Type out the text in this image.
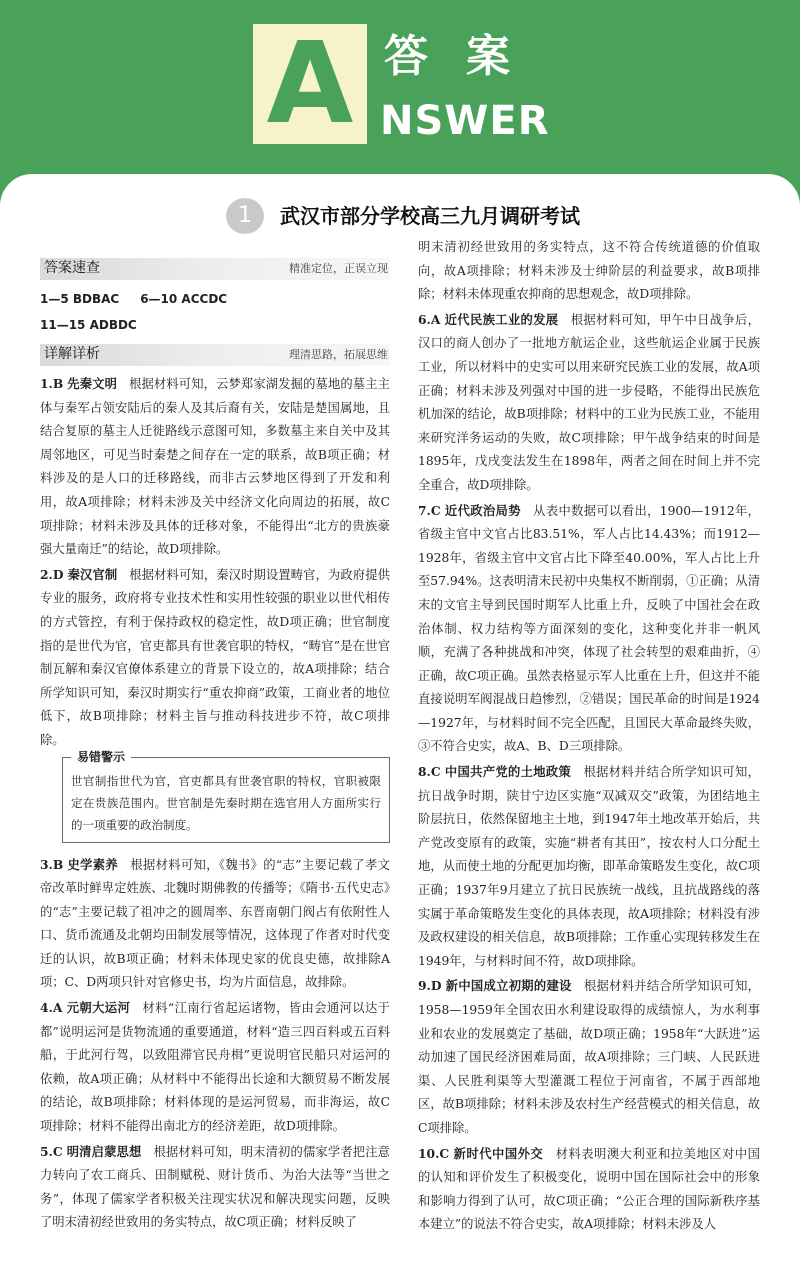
A 答案
NSWER
1	武汉市部分学校高三九月调研考试
答案速查	精准定位，正误立现
1—5 BDBAC 6—10 ACCDC
11—15 ADBDC
详解详析	理清思路，拓展思维
1.B 先秦文明 根据材料可知，云梦郑家湖发掘的墓地的墓主主体与秦军占领安陆后的秦人及其后裔有关，安陆是楚国属地，且结合复原的墓主人迁徙路线示意图可知，多数墓主来自关中及其周邻地区，可见当时秦楚之间存在一定的联系，故B项正确；材料涉及的是人口的迁移路线，而非古云梦地区得到了开发和利用，故A项排除；材料未涉及关中经济文化向周边的拓展，故C项排除；材料未涉及具体的迁移对象，不能得出“北方的贵族豪强大量南迁”的结论，故D项排除。
2.D 秦汉官制 根据材料可知，秦汉时期设置畴官，为政府提供专业的服务，政府将专业技术性和实用性较强的职业以世代相传的方式管控，有利于保持政权的稳定性，故D项正确；世官制度指的是世代为官，官吏都具有世袭官职的特权，“畴官”是在世官制瓦解和秦汉官僚体系建立的背景下设立的，故A项排除；结合所学知识可知，秦汉时期实行“重农抑商”政策，工商业者的地位低下，故B项排除；材料主旨与推动科技进步不符，故C项排除。
易错警示
世官制指世代为官，官吏都具有世袭官职的特权，官职被限定在贵族范围内。世官制是先秦时期在选官用人方面所实行的一项重要的政治制度。
3.B 史学素养 根据材料可知，《魏书》的“志”主要记载了孝文帝改革时鲜卑定姓族、北魏时期佛教的传播等；《隋书·五代史志》的“志”主要记载了祖冲之的圆周率、东晋南朝门阀占有依附性人口、货币流通及北朝均田制发展等情况，这体现了作者对时代变迁的认识，故B项正确；材料未体现史家的优良史德，故排除A项；C、D两项只针对官修史书，均为片面信息，故排除。
4.A 元朝大运河 材料“江南行省起运诸物，皆由会通河以达于都”说明运河是货物流通的重要通道，材料“造三四百料或五百料船，于此河行驾，以致阻滞官民舟楫”更说明官民船只对运河的依赖，故A项正确；从材料中不能得出长途和大额贸易不断发展的结论，故B项排除；材料体现的是运河贸易，而非海运，故C项排除；材料不能得出南北方的经济差距，故D项排除。
5.C 明清启蒙思想 根据材料可知，明末清初的儒家学者把注意力转向了农工商兵、田制赋税、财计货币、为治大法等“当世之务”，体现了儒家学者积极关注现实状况和解决现实问题，反映了明末清初经世致用的务实特点，故C项正确；材料反映了
明末清初经世致用的务实特点，这不符合传统道德的价值取向，故A项排除；材料未涉及士绅阶层的利益要求，故B项排除；材料未体现重农抑商的思想观念，故D项排除。
6.A 近代民族工业的发展 根据材料可知，甲午中日战争后，汉口的商人创办了一批地方航运企业，这些航运企业属于民族工业，所以材料中的史实可以用来研究民族工业的发展，故A项正确；材料未涉及列强对中国的进一步侵略，不能得出民族危机加深的结论，故B项排除；材料中的工业为民族工业，不能用来研究洋务运动的失败，故C项排除；甲午战争结束的时间是1895年，戊戌变法发生在1898年，两者之间在时间上并不完全重合，故D项排除。
7.C 近代政治局势 从表中数据可以看出，1900—1912年，省级主官中文官占比83.51%，军人占比14.43%；而1912—1928年，省级主官中文官占比下降至40.00%，军人占比上升至57.94%。这表明清末民初中央集权不断削弱，①正确；从清末的文官主导到民国时期军人比重上升，反映了中国社会在政治体制、权力结构等方面深刻的变化，这种变化并非一帆风顺，充满了各种挑战和冲突，体现了社会转型的艰难曲折，④正确，故C项正确。虽然表格显示军人比重在上升，但这并不能直接说明军阀混战日趋惨烈，②错误；国民革命的时间是1924—1927年，与材料时间不完全匹配，且国民大革命最终失败，③不符合史实，故A、B、D三项排除。
8.C 中国共产党的土地政策 根据材料并结合所学知识可知，抗日战争时期，陕甘宁边区实施“双减双交”政策，为团结地主阶层抗日，依然保留地主土地，到1947年土地改革开始后，共产党改变原有的政策，实施“耕者有其田”，按农村人口分配土地，从而使土地的分配更加均衡，即革命策略发生变化，故C项正确；1937年9月建立了抗日民族统一战线，且抗战路线的落实属于革命策略发生变化的具体表现，故A项排除；材料没有涉及政权建设的相关信息，故B项排除；工作重心实现转移发生在1949年，与材料时间不符，故D项排除。
9.D 新中国成立初期的建设 根据材料并结合所学知识可知，1958—1959年全国农田水利建设取得的成绩惊人，为水利事业和农业的发展奠定了基础，故D项正确；1958年“大跃进”运动加速了国民经济困难局面，故A项排除；三门峡、人民跃进渠、人民胜利渠等大型灌溉工程位于河南省，不属于西部地区，故B项排除；材料未涉及农村生产经营模式的相关信息，故C项排除。
10.C 新时代中国外交 材料表明澳大利亚和拉美地区对中国的认知和评价发生了积极变化，说明中国在国际社会中的形象和影响力得到了认可，故C项正确；“公正合理的国际新秩序基本建立”的说法不符合史实，故A项排除；材料未涉及人
